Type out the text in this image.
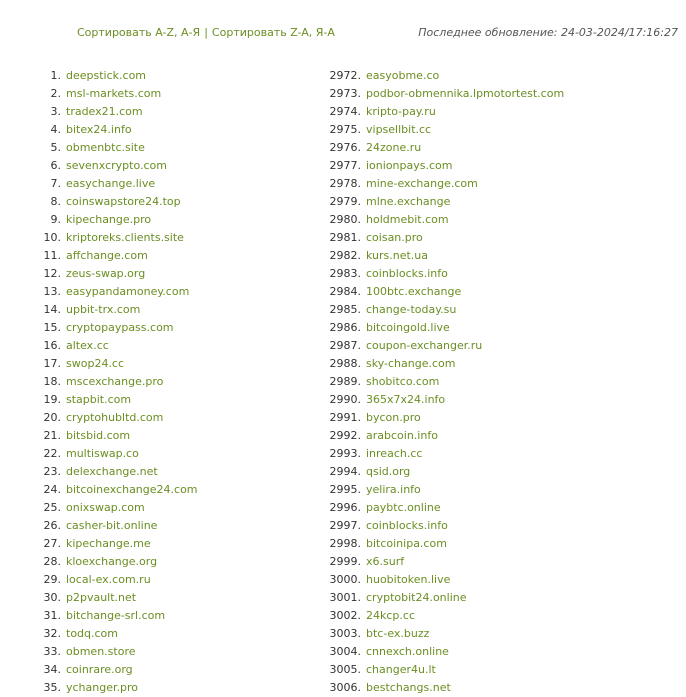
Сортировать A-Z, А-Я | Сортировать Z-A, Я-А	Последнее обновление: 24-03-2024/17:16:27
1. deepstick.com
2. msl-markets.com
3. tradex21.com
4. bitex24.info
5. obmenbtc.site
6. sevenxcrypto.com
7. easychange.live
8. coinswapstore24.top
9. kipechange.pro
10. kriptoreks.clients.site
11. affchange.com
12. zeus-swap.org
13. easypandamoney.com
14. upbit-trx.com
15. cryptopaypass.com
16. altex.cc
17. swop24.cc
18. mscexchange.pro
19. stapbit.com
20. cryptohubltd.com
21. bitsbid.com
22. multiswap.co
23. delexchange.net
24. bitcoinexchange24.com
25. onixswap.com
26. casher-bit.online
27. kipechange.me
28. kloexchange.org
29. local-ex.com.ru
30. p2pvault.net
31. bitchange-srl.com
32. todq.com
33. obmen.store
34. coinrare.org
35. ychanger.pro
2972. easyobme.co
2973. podbor-obmennika.lpmotortest.com
2974. kripto-pay.ru
2975. vipsellbit.cc
2976. 24zone.ru
2977. ionionpays.com
2978. mine-exchange.com
2979. mlne.exchange
2980. holdmebit.com
2981. coisan.pro
2982. kurs.net.ua
2983. coinblocks.info
2984. 100btc.exchange
2985. change-today.su
2986. bitcoingold.live
2987. coupon-exchanger.ru
2988. sky-change.com
2989. shobitco.com
2990. 365x7x24.info
2991. bycon.pro
2992. arabcoin.info
2993. inreach.cc
2994. qsid.org
2995. yelira.info
2996. paybtc.online
2997. coinblocks.info
2998. bitcoinipa.com
2999. x6.surf
3000. huobitoken.live
3001. cryptobit24.online
3002. 24kcp.cc
3003. btc-ex.buzz
3004. cnnexch.online
3005. changer4u.lt
3006. bestchangs.net
